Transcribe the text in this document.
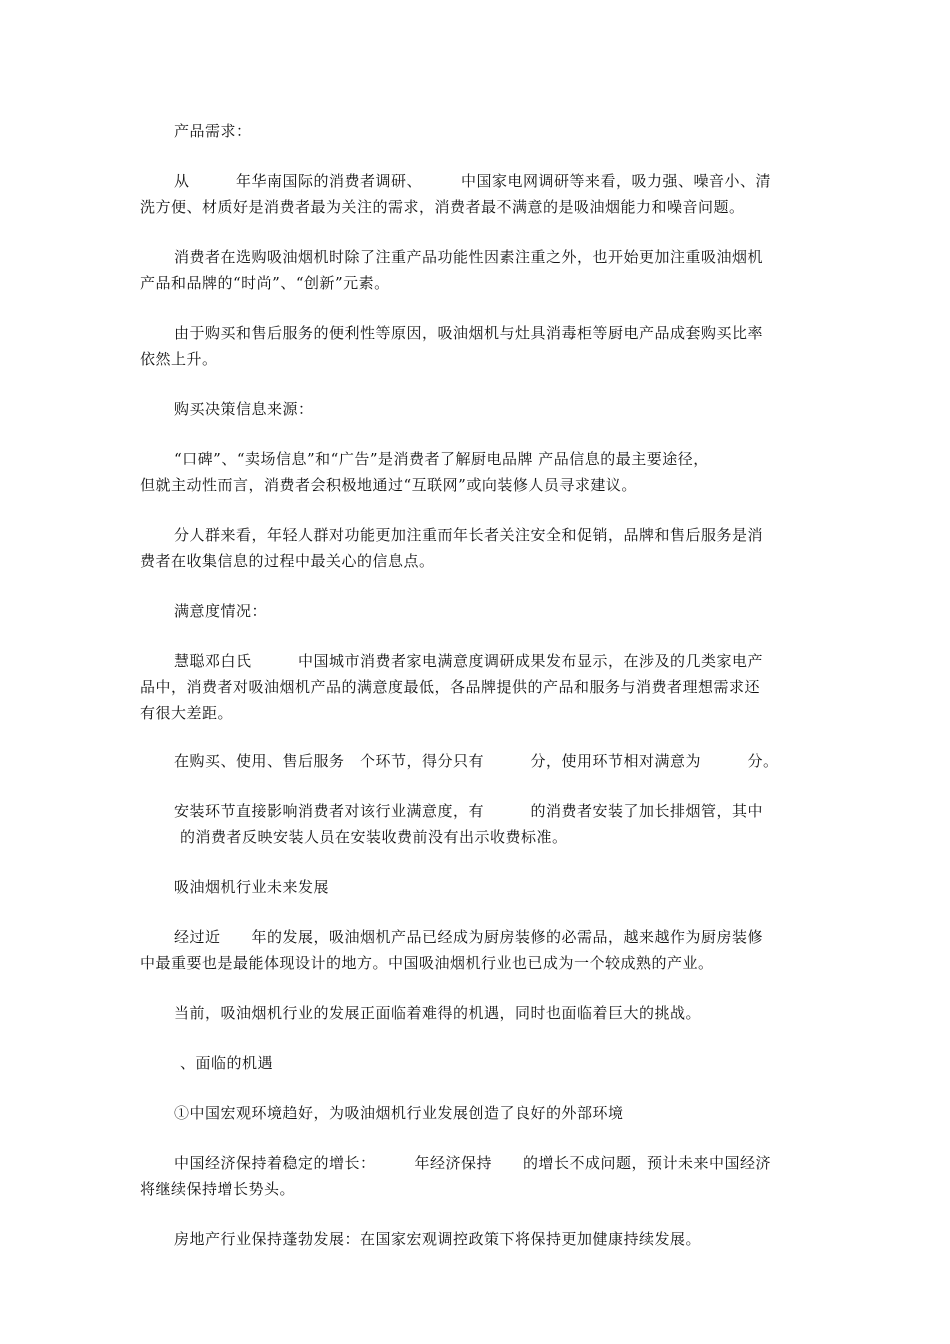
产品需求：
从　　　年华南国际的消费者调研、　　　中国家电网调研等来看，吸力强、噪音小、清
洗方便、材质好是消费者最为关注的需求，消费者最不满意的是吸油烟能力和噪音问题。
消费者在选购吸油烟机时除了注重产品功能性因素注重之外，也开始更加注重吸油烟机
产品和品牌的“时尚”、“创新”元素。
由于购买和售后服务的便利性等原因，吸油烟机与灶具消毒柜等厨电产品成套购买比率
依然上升。
购买决策信息来源：
“口碑”、“卖场信息”和“广告”是消费者了解厨电品牌 产品信息的最主要途径，
但就主动性而言，消费者会积极地通过“互联网”或向装修人员寻求建议。
分人群来看，年轻人群对功能更加注重而年长者关注安全和促销，品牌和售后服务是消
费者在收集信息的过程中最关心的信息点。
满意度情况：
慧聪邓白氏　　　中国城市消费者家电满意度调研成果发布显示，在涉及的几类家电产
品中，消费者对吸油烟机产品的满意度最低，各品牌提供的产品和服务与消费者理想需求还
有很大差距。
在购买、使用、售后服务　个环节，得分只有　　　分，使用环节相对满意为　　　分。
安装环节直接影响消费者对该行业满意度，有　　　的消费者安装了加长排烟管，其中
的消费者反映安装人员在安装收费前没有出示收费标准。
吸油烟机行业未来发展
经过近　　年的发展，吸油烟机产品已经成为厨房装修的必需品，越来越作为厨房装修
中最重要也是最能体现设计的地方。中国吸油烟机行业也已成为一个较成熟的产业。
当前，吸油烟机行业的发展正面临着难得的机遇，同时也面临着巨大的挑战。
、面临的机遇
①中国宏观环境趋好，为吸油烟机行业发展创造了良好的外部环境
中国经济保持着稳定的增长：　　　年经济保持　　的增长不成问题，预计未来中国经济
将继续保持增长势头。
房地产行业保持蓬勃发展：在国家宏观调控政策下将保持更加健康持续发展。
